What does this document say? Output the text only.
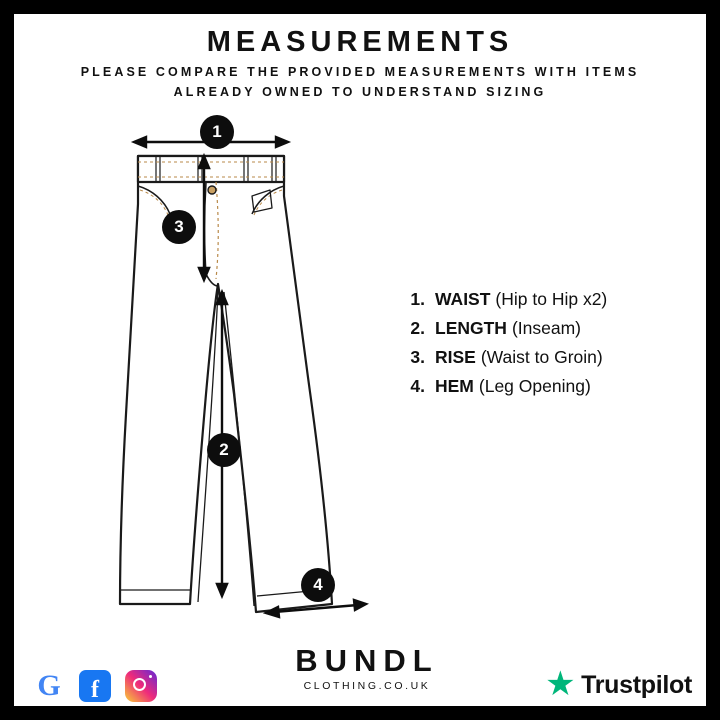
MEASUREMENTS
PLEASE COMPARE THE PROVIDED MEASUREMENTS WITH ITEMS ALREADY OWNED TO UNDERSTAND SIZING
1
3
2
4
1. WAIST (Hip to Hip x2)
2. LENGTH (Inseam)
3. RISE (Waist to Groin)
4. HEM (Leg Opening)
BUNDL
CLOTHING.CO.UK
G	f	★ Trustpilot
